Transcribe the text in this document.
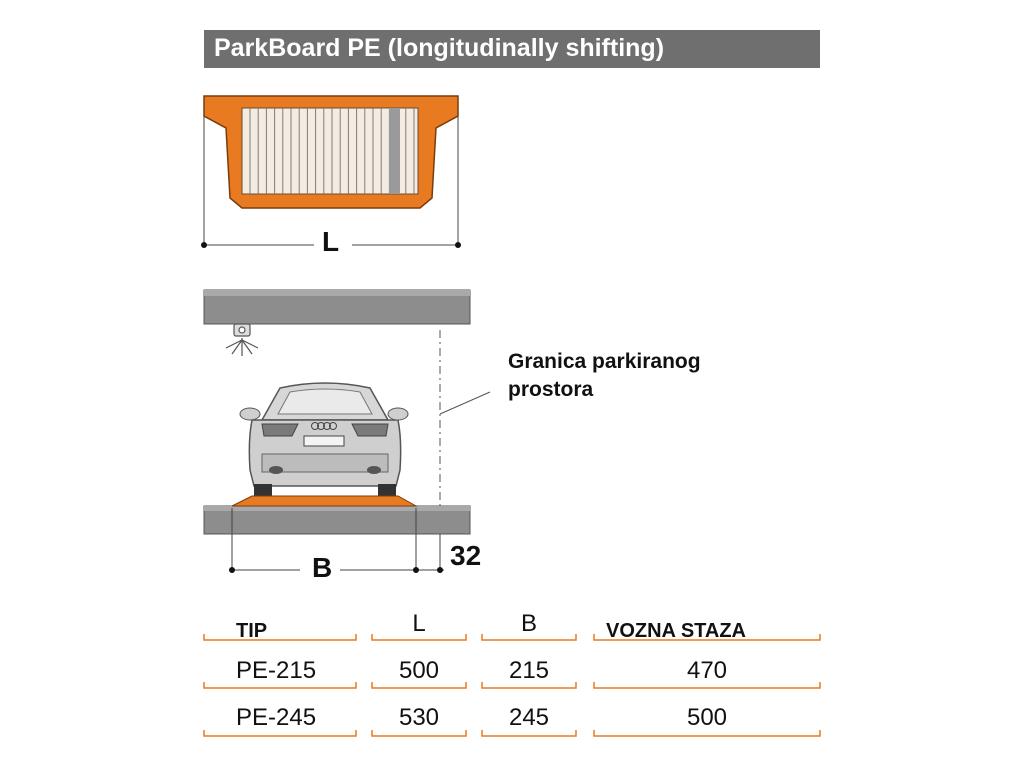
ParkBoard PE (longitudinally shifting)
L
B	32
Granica parkiranog
prostora
TIP	L	B	VOZNA STAZA
PE-215	500	215	470
PE-245	530	245	500
